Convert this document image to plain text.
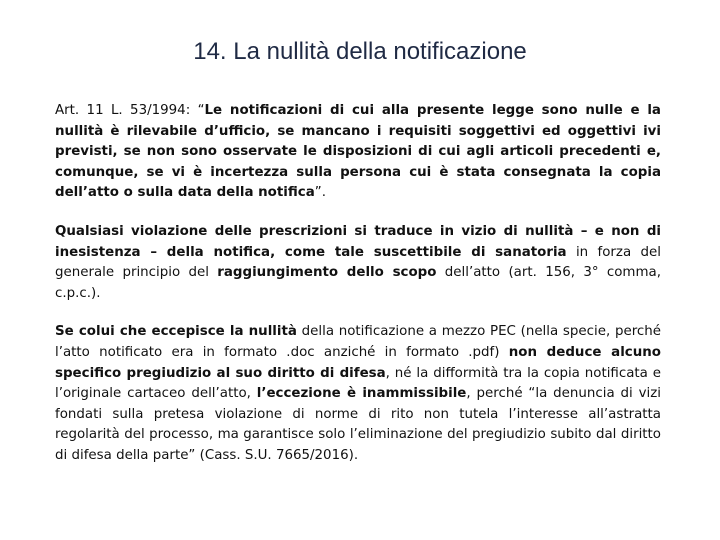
14. La nullità della notificazione

Art. 11 L. 53/1994: “Le notificazioni di cui alla presente legge sono nulle e la nullità è rilevabile d’ufficio, se mancano i requisiti soggettivi ed oggettivi ivi previsti, se non sono osservate le disposizioni di cui agli articoli precedenti e, comunque, se vi è incertezza sulla persona cui è stata consegnata la copia dell’atto o sulla data della notifica”.

Qualsiasi violazione delle prescrizioni si traduce in vizio di nullità – e non di inesistenza – della notifica, come tale suscettibile di sanatoria in forza del generale principio del raggiungimento dello scopo dell’atto (art. 156, 3° comma, c.p.c.).

Se colui che eccepisce la nullità della notificazione a mezzo PEC (nella specie, perché l’atto notificato era in formato .doc anziché in formato .pdf) non deduce alcuno specifico pregiudizio al suo diritto di difesa, né la difformità tra la copia notificata e l’originale cartaceo dell’atto, l’eccezione è inammissibile, perché “la denuncia di vizi fondati sulla pretesa violazione di norme di rito non tutela l’interesse all’astratta regolarità del processo, ma garantisce solo l’eliminazione del pregiudizio subito dal diritto di difesa della parte” (Cass. S.U. 7665/2016).
